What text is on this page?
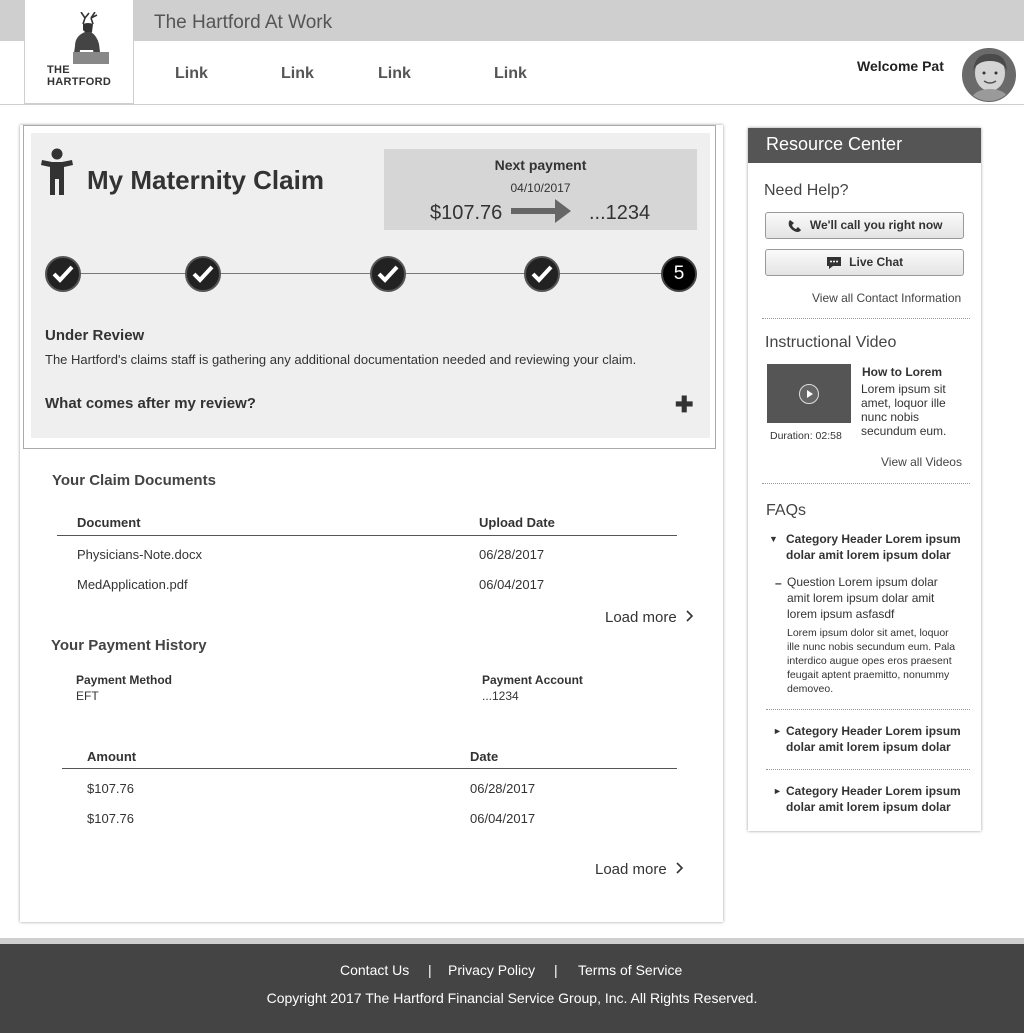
The Hartford At Work
Link	Link	Link	Link	Welcome Pat
THE
HARTFORD
My Maternity Claim	Next payment
04/10/2017
$107.76	...1234
5
Under Review
The Hartford's claims staff is gathering any additional documentation needed and reviewing your claim.
What comes after my review?	✚
Your Claim Documents
Document	Upload Date
Physicians-Note.docx	06/28/2017
MedApplication.pdf	06/04/2017
Load more
Your Payment History
Payment Method
EFT
Payment Account
...1234
Amount	Date
$107.76	06/28/2017
$107.76	06/04/2017
Load more
Resource Center
Need Help?
We'll call you right now
Live Chat
View all Contact Information
Instructional Video
How to Lorem
Lorem ipsum sit amet, loquor ille nunc nobis secundum eum.
Duration: 02:58
View all Videos
FAQs
▼ Category Header Lorem ipsum dolar amit lorem ipsum dolar
– Question Lorem ipsum dolar amit lorem ipsum dolar amit lorem ipsum asfasdf
Lorem ipsum dolor sit amet, loquor ille nunc nobis secundum eum. Pala interdico augue opes eros praesent feugait aptent praemitto, nonummy demoveo.
► Category Header Lorem ipsum dolar amit lorem ipsum dolar
► Category Header Lorem ipsum dolar amit lorem ipsum dolar
Contact Us | Privacy Policy | Terms of Service
Copyright 2017 The Hartford Financial Service Group, Inc. All Rights Reserved.
